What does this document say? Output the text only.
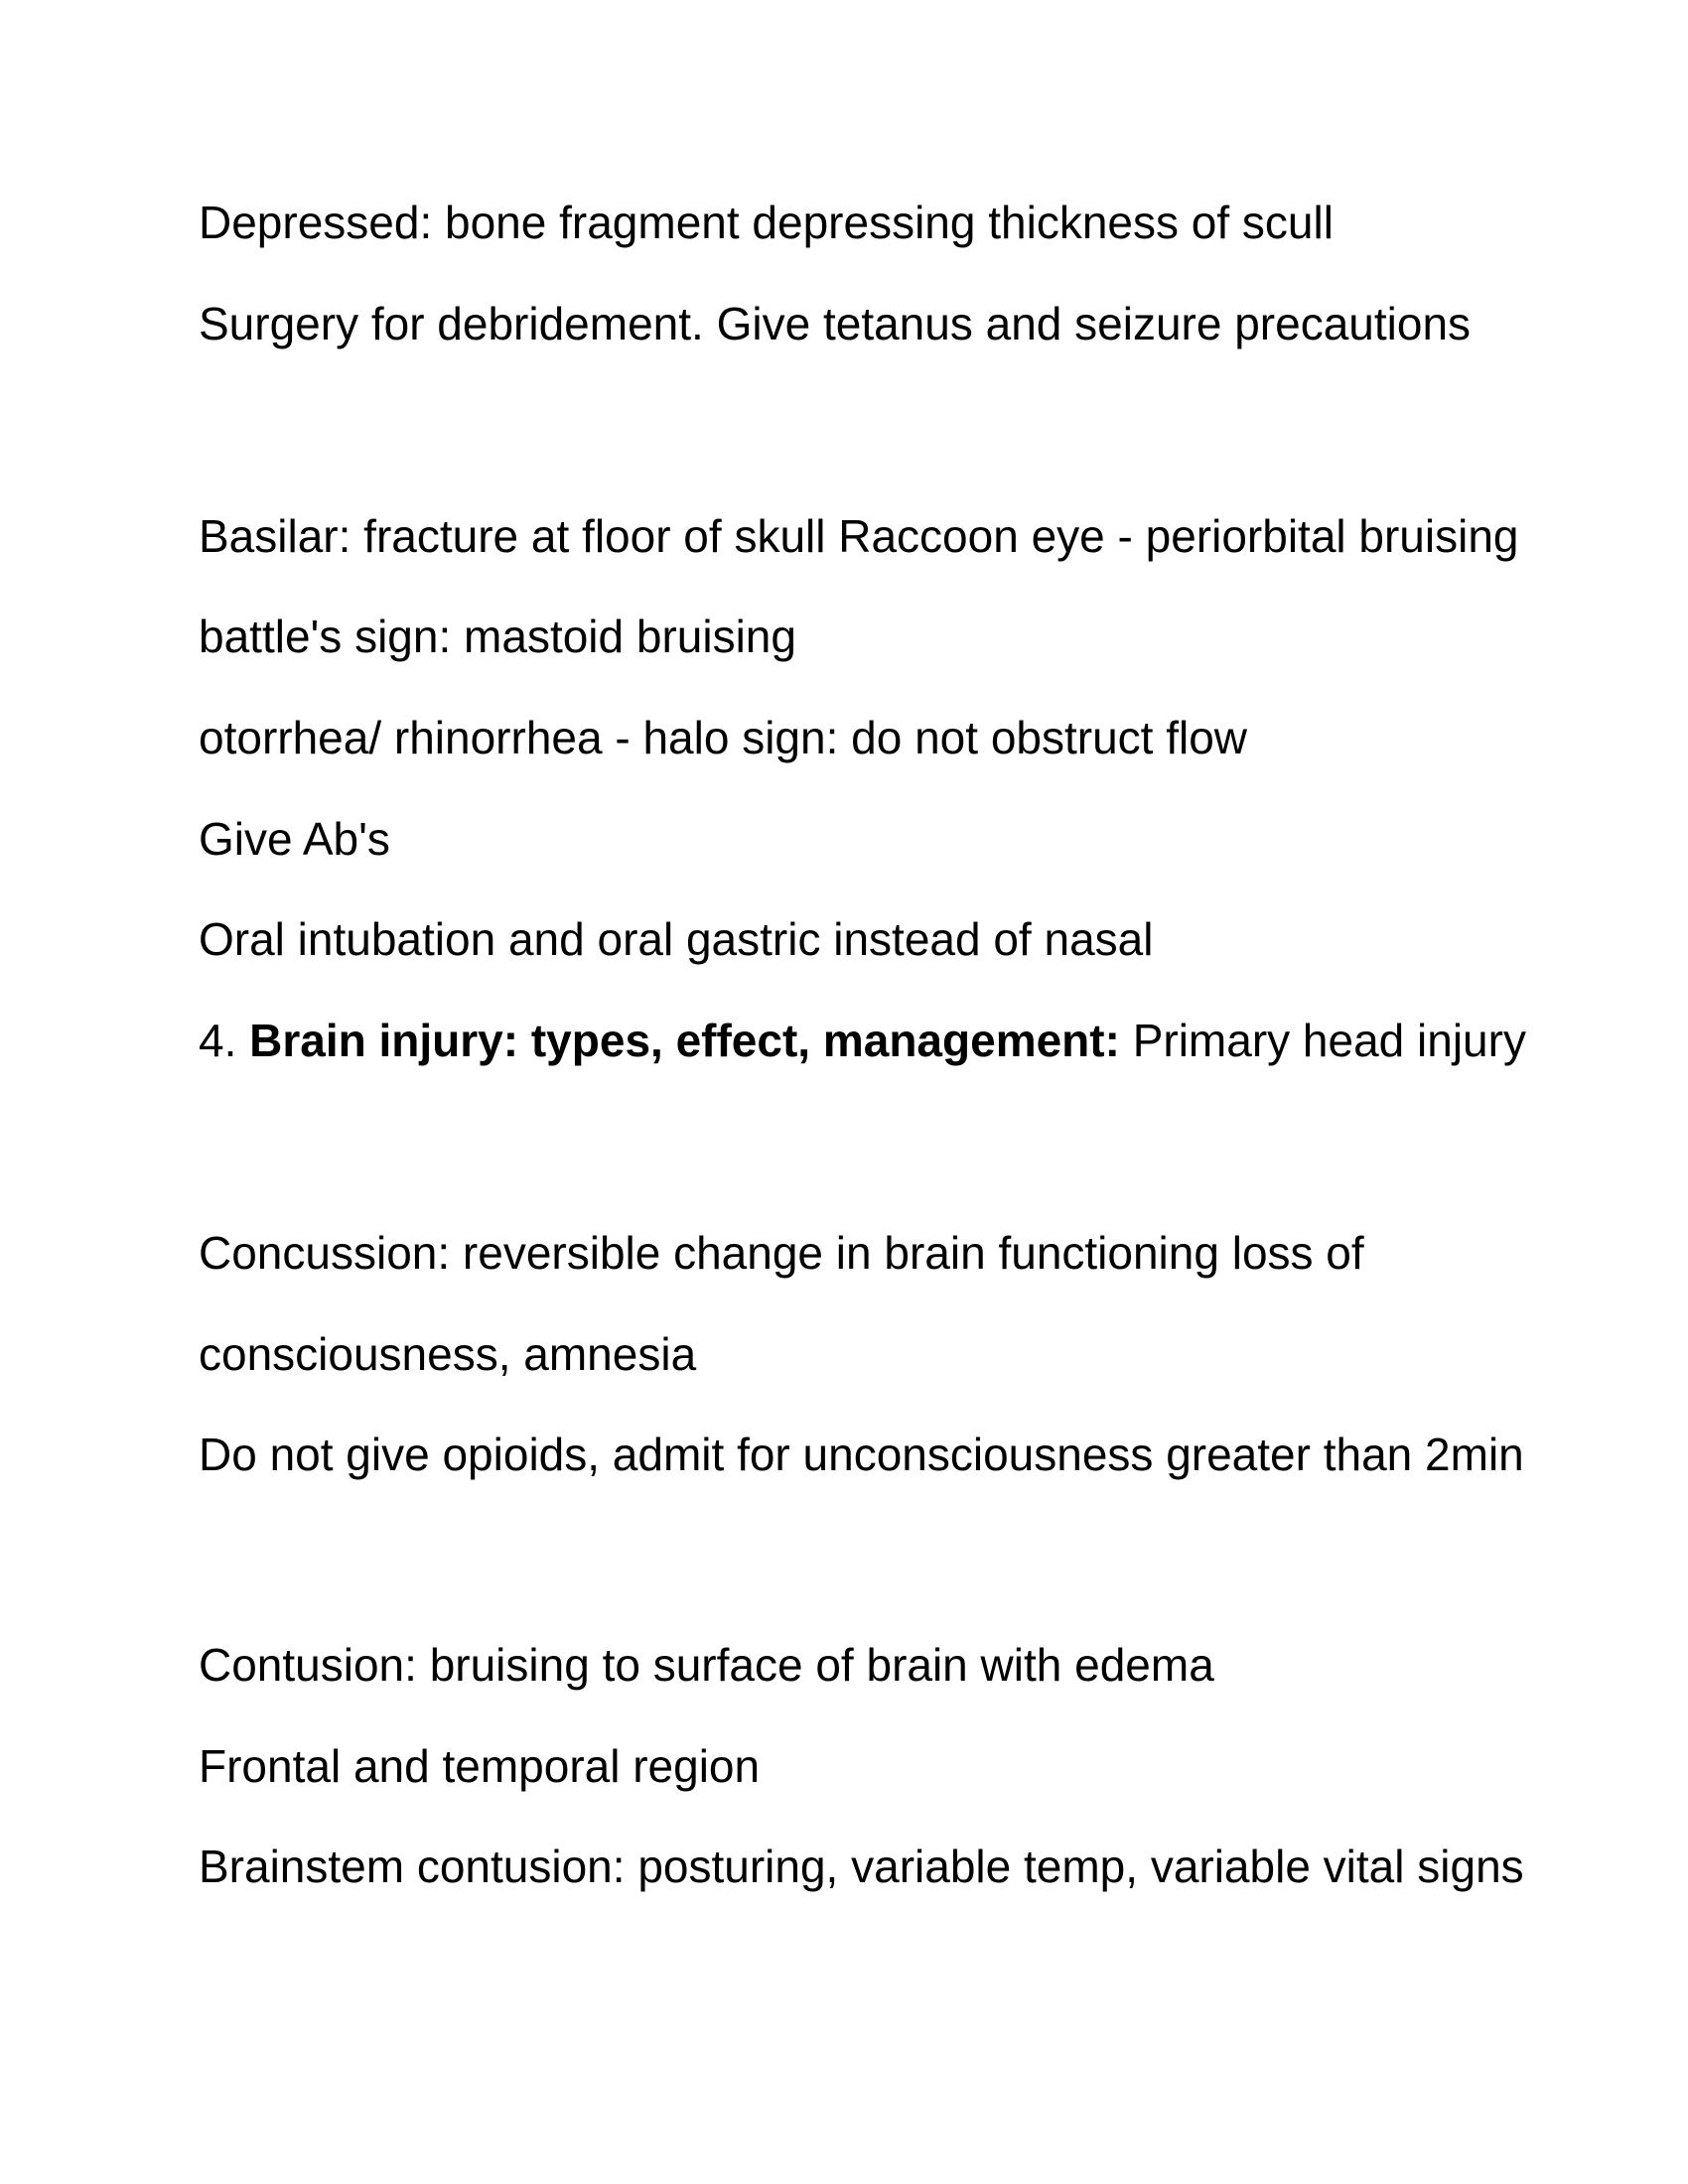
Depressed: bone fragment depressing thickness of scull

Surgery for debridement. Give tetanus and seizure precautions

Basilar: fracture at floor of skull Raccoon eye - periorbital bruising

battle's sign: mastoid bruising

otorrhea/ rhinorrhea - halo sign: do not obstruct flow

Give Ab's

Oral intubation and oral gastric instead of nasal

4. Brain injury: types, effect, management: Primary head injury

Concussion: reversible change in brain functioning loss of

consciousness, amnesia

Do not give opioids, admit for unconsciousness greater than 2min

Contusion: bruising to surface of brain with edema

Frontal and temporal region

Brainstem contusion: posturing, variable temp, variable vital signs
